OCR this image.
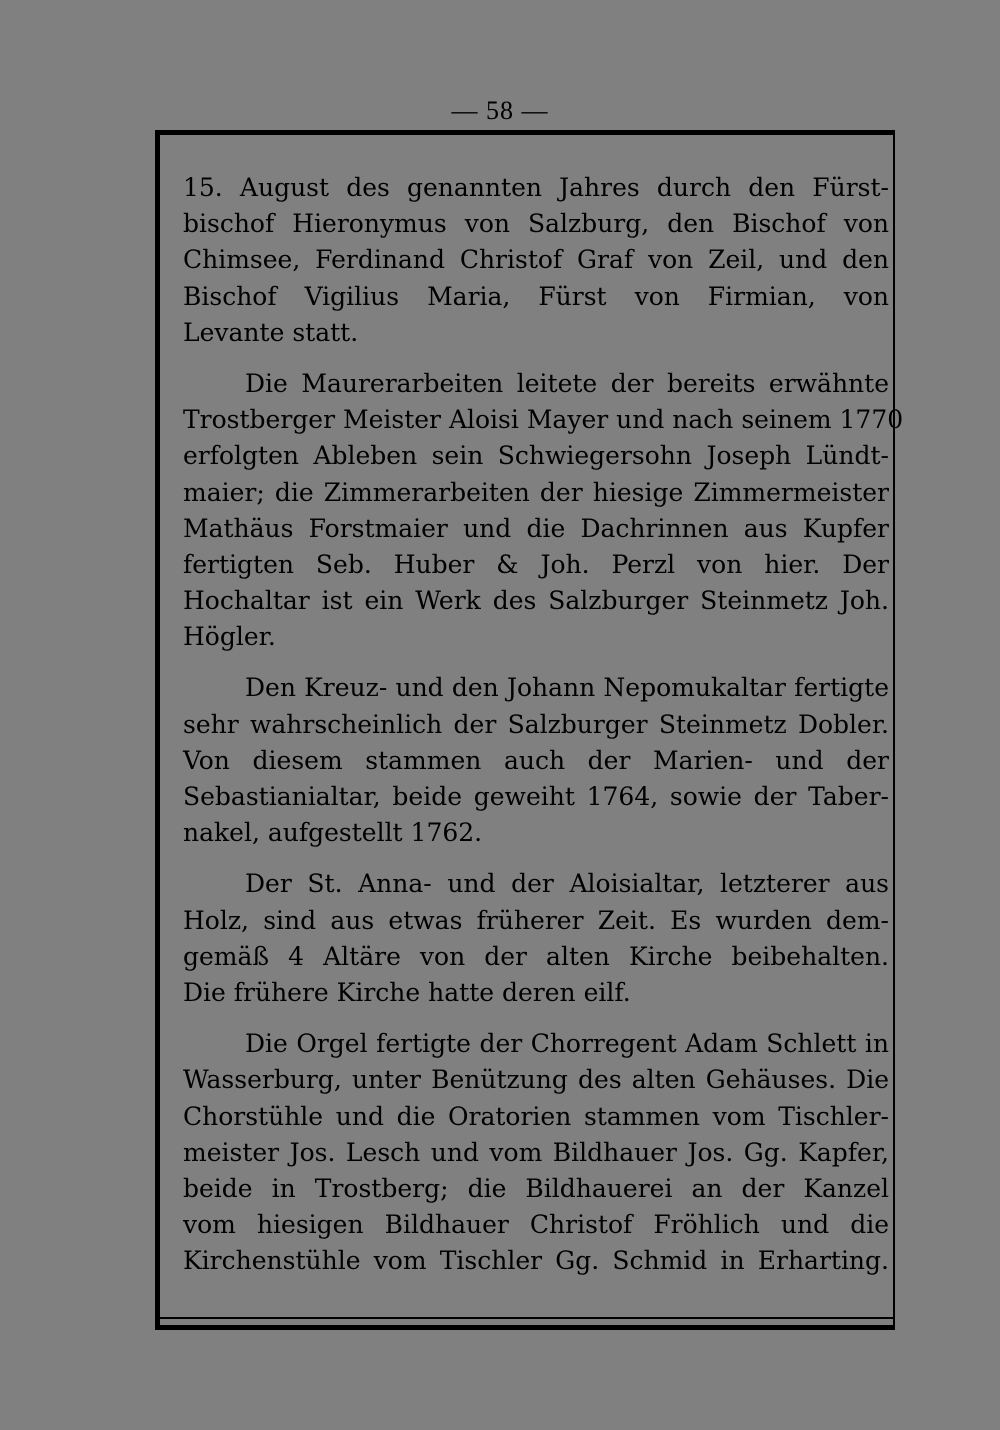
— 58 —

15. August des genannten Jahres durch den Fürst-
bischof Hieronymus von Salzburg, den Bischof von
Chimsee, Ferdinand Christof Graf von Zeil, und den
Bischof Vigilius Maria, Fürst von Firmian, von
Levante statt.

Die Maurerarbeiten leitete der bereits erwähnte
Trostberger Meister Aloisi Mayer und nach seinem 1770
erfolgten Ableben sein Schwiegersohn Joseph Lündt-
maier; die Zimmerarbeiten der hiesige Zimmermeister
Mathäus Forstmaier und die Dachrinnen aus Kupfer
fertigten Seb. Huber & Joh. Perzl von hier. Der
Hochaltar ist ein Werk des Salzburger Steinmetz Joh.
Högler.

Den Kreuz- und den Johann Nepomukaltar fertigte
sehr wahrscheinlich der Salzburger Steinmetz Dobler.
Von diesem stammen auch der Marien- und der
Sebastianialtar, beide geweiht 1764, sowie der Taber-
nakel, aufgestellt 1762.

Der St. Anna- und der Aloisialtar, letzterer aus
Holz, sind aus etwas früherer Zeit. Es wurden dem-
gemäß 4 Altäre von der alten Kirche beibehalten.
Die frühere Kirche hatte deren eilf.

Die Orgel fertigte der Chorregent Adam Schlett in
Wasserburg, unter Benützung des alten Gehäuses. Die
Chorstühle und die Oratorien stammen vom Tischler-
meister Jos. Lesch und vom Bildhauer Jos. Gg. Kapfer,
beide in Trostberg; die Bildhauerei an der Kanzel
vom hiesigen Bildhauer Christof Fröhlich und die
Kirchenstühle vom Tischler Gg. Schmid in Erharting.
